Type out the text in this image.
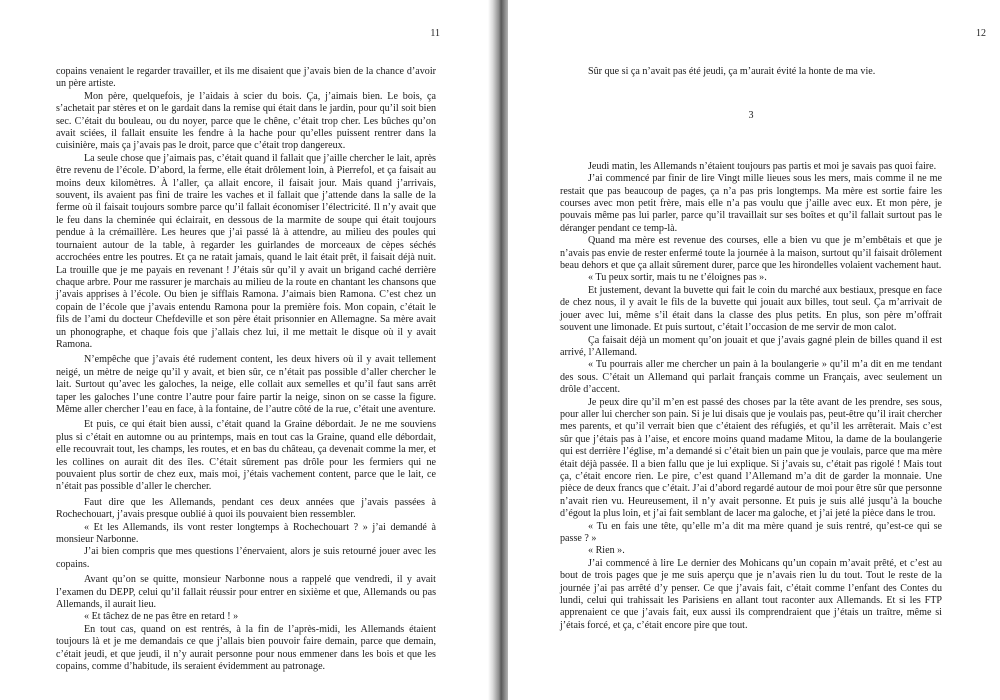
11

copains venaient le regarder travailler, et ils me disaient que j’avais bien de la chance d’avoir un père artiste.

Mon père, quelquefois, je l’aidais à scier du bois. Ça, j’aimais bien. Le bois, ça s’achetait par stères et on le gardait dans la remise qui était dans le jardin, pour qu’il soit bien sec. C’était du bouleau, ou du noyer, parce que le chêne, c’était trop cher. Les bûches qu’on avait sciées, il fallait ensuite les fendre à la hache pour qu’elles puissent rentrer dans la cuisinière, mais ça j’avais pas le droit, parce que c’était trop dangereux.

La seule chose que j’aimais pas, c’était quand il fallait que j’aille chercher le lait, après être revenu de l’école. D’abord, la ferme, elle était drôlement loin, à Pierrefol, et ça faisait au moins deux kilomètres. À l’aller, ça allait encore, il faisait jour. Mais quand j’arrivais, souvent, ils avaient pas fini de traire les vaches et il fallait que j’attende dans la salle de la ferme où il faisait toujours sombre parce qu’il fallait économiser l’électricité. Il n’y avait que le feu dans la cheminée qui éclairait, en dessous de la marmite de soupe qui était toujours pendue à la crémaillère. Les heures que j’ai passé là à attendre, au milieu des poules qui tournaient autour de la table, à regarder les guirlandes de morceaux de cèpes séchés accrochées entre les poutres. Et ça ne ratait jamais, quand le lait était prêt, il faisait déjà nuit. La trouille que je me payais en revenant ! J’étais sûr qu’il y avait un brigand caché derrière chaque arbre. Pour me rassurer je marchais au milieu de la route en chantant les chansons que j’avais apprises à l’école. Ou bien je sifflais Ramona. J’aimais bien Ramona. C’est chez un copain de l’école que j’avais entendu Ramona pour la première fois. Mon copain, c’était le fils de l’ami du docteur Chefdeville et son père était prisonnier en Allemagne. Sa mère avait un phonographe, et chaque fois que j’allais chez lui, il me mettait le disque où il y avait Ramona.

N’empêche que j’avais été rudement content, les deux hivers où il y avait tellement neigé, un mètre de neige qu’il y avait, et bien sûr, ce n’était pas possible d’aller chercher le lait. Surtout qu’avec les galoches, la neige, elle collait aux semelles et qu’il faut sans arrêt taper les galoches l’une contre l’autre pour faire partir la neige, sinon on se casse la figure. Même aller chercher l’eau en face, à la fontaine, de l’autre côté de la rue, c’était une aventure.

Et puis, ce qui était bien aussi, c’était quand la Graine débordait. Je ne me souviens plus si c’était en automne ou au printemps, mais en tout cas la Graine, quand elle débordait, elle recouvrait tout, les champs, les routes, et en bas du château, ça devenait comme la mer, et les collines on aurait dit des îles. C’était sûrement pas drôle pour les fermiers qui ne pouvaient plus sortir de chez eux, mais moi, j’étais vachement content, parce que le lait, ce n’était pas possible d’aller le chercher.

Faut dire que les Allemands, pendant ces deux années que j’avais passées à Rochechouart, j’avais presque oublié à quoi ils pouvaient bien ressembler.

« Et les Allemands, ils vont rester longtemps à Rochechouart ? » j’ai demandé à monsieur Narbonne.

J’ai bien compris que mes questions l’énervaient, alors je suis retourné jouer avec les copains.

Avant qu’on se quitte, monsieur Narbonne nous a rappelé que vendredi, il y avait l’examen du DEPP, celui qu’il fallait réussir pour entrer en sixième et que, Allemands ou pas Allemands, il aurait lieu.

« Et tâchez de ne pas être en retard ! »

En tout cas, quand on est rentrés, à la fin de l’après-midi, les Allemands étaient toujours là et je me demandais ce que j’allais bien pouvoir faire demain, parce que demain, c’était jeudi, et que jeudi, il n’y aurait personne pour nous emmener dans les bois et que les copains, comme d’habitude, ils seraient évidemment au patronage.

12

Sûr que si ça n’avait pas été jeudi, ça m’aurait évité la honte de ma vie.

3

Jeudi matin, les Allemands n’étaient toujours pas partis et moi je savais pas quoi faire.

J’ai commencé par finir de lire Vingt mille lieues sous les mers, mais comme il ne me restait que pas beaucoup de pages, ça n’a pas pris longtemps. Ma mère est sortie faire les courses avec mon petit frère, mais elle n’a pas voulu que j’aille avec eux. Et mon père, je pouvais même pas lui parler, parce qu’il travaillait sur ses boîtes et qu’il fallait surtout pas le déranger pendant ce temp-là.

Quand ma mère est revenue des courses, elle a bien vu que je m’embêtais et que je n’avais pas envie de rester enfermé toute la journée à la maison, surtout qu’il faisait drôlement beau dehors et que ça allait sûrement durer, parce que les hirondelles volaient vachement haut.

« Tu peux sortir, mais tu ne t’éloignes pas ».

Et justement, devant la buvette qui fait le coin du marché aux bestiaux, presque en face de chez nous, il y avait le fils de la buvette qui jouait aux billes, tout seul. Ça m’arrivait de jouer avec lui, même s’il était dans la classe des plus petits. En plus, son père m’offrait souvent une limonade. Et puis surtout, c’était l’occasion de me servir de mon calot.

Ça faisait déjà un moment qu’on jouait et que j’avais gagné plein de billes quand il est arrivé, l’Allemand.

« Tu pourrais aller me chercher un pain à la boulangerie » qu’il m’a dit en me tendant des sous. C’était un Allemand qui parlait français comme un Français, avec seulement un drôle d’accent.

Je peux dire qu’il m’en est passé des choses par la tête avant de les prendre, ses sous, pour aller lui chercher son pain. Si je lui disais que je voulais pas, peut-être qu’il irait chercher mes parents, et qu’il verrait bien que c’étaient des réfugiés, et qu’il les arrêterait. Mais c’est sûr que j’étais pas à l’aise, et encore moins quand madame Mitou, la dame de la boulangerie qui est derrière l’église, m’a demandé si c’était bien un pain que je voulais, parce que ma mère était déjà passée. Il a bien fallu que je lui explique. Si j’avais su, c’était pas rigolé ! Mais tout ça, c’était encore rien. Le pire, c’est quand l’Allemand m’a dit de garder la monnaie. Une pièce de deux francs que c’était. J’ai d’abord regardé autour de moi pour être sûr que personne n’avait rien vu. Heureusement, il n’y avait personne. Et puis je suis allé jusqu’à la bouche d’égout la plus loin, et j’ai fait semblant de lacer ma galoche, et j’ai jeté la pièce dans le trou.

« Tu en fais une tête, qu’elle m’a dit ma mère quand je suis rentré, qu’est-ce qui se passe ? »

« Rien ».

J’ai commencé à lire Le dernier des Mohicans qu’un copain m’avait prêté, et c’est au bout de trois pages que je me suis aperçu que je n’avais rien lu du tout. Tout le reste de la journée j’ai pas arrêté d’y penser. Ce que j’avais fait, c’était comme l’enfant des Contes du lundi, celui qui trahissait les Parisiens en allant tout raconter aux Allemands. Et si les FTP apprenaient ce que j’avais fait, eux aussi ils comprendraient que j’étais un traître, même si j’étais forcé, et ça, c’était encore pire que tout.
